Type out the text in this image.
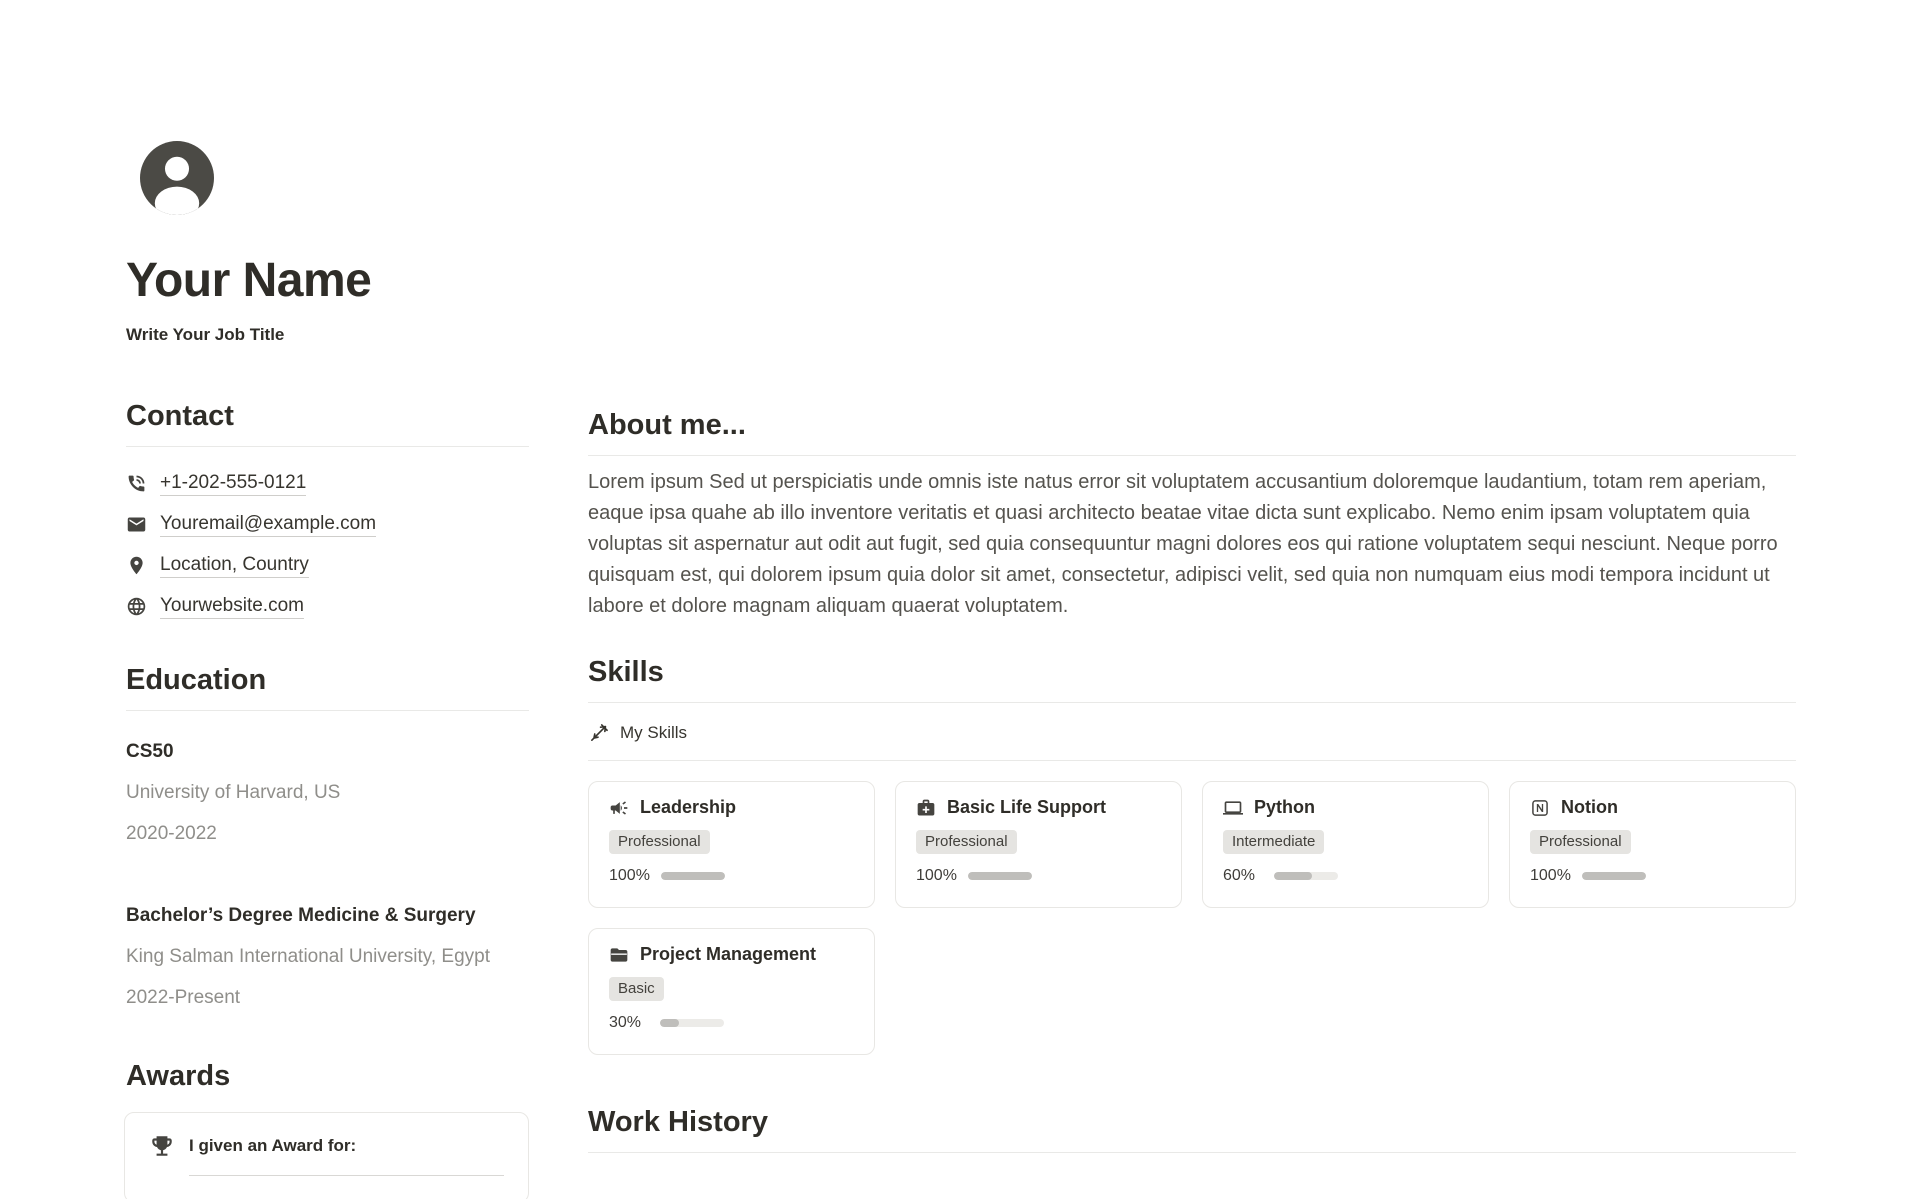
Your Name
Write Your Job Title
Contact
+1-202-555-0121
Youremail@example.com
Location, Country
Yourwebsite.com
Education
CS50
University of Harvard, US
2020-2022
Bachelor’s Degree Medicine & Surgery
King Salman International University, Egypt
2022-Present
Awards
I given an Award for:
About me...

Lorem ipsum Sed ut perspiciatis unde omnis iste natus error sit voluptatem accusantium doloremque laudantium, totam rem aperiam, eaque ipsa quahe ab illo inventore veritatis et quasi architecto beatae vitae dicta sunt explicabo. Nemo enim ipsam voluptatem quia voluptas sit aspernatur aut odit aut fugit, sed quia consequuntur magni dolores eos qui ratione voluptatem sequi nesciunt. Neque porro quisquam est, qui dolorem ipsum quia dolor sit amet, consectetur, adipisci velit, sed quia non numquam eius modi tempora incidunt ut labore et dolore magnam aliquam quaerat voluptatem.

Skills
My Skills
Leadership
Professional
100%
Basic Life Support
Professional
100%
Python
Intermediate
60%
Notion
Professional
100%
Project Management
Basic
30%
Work History
